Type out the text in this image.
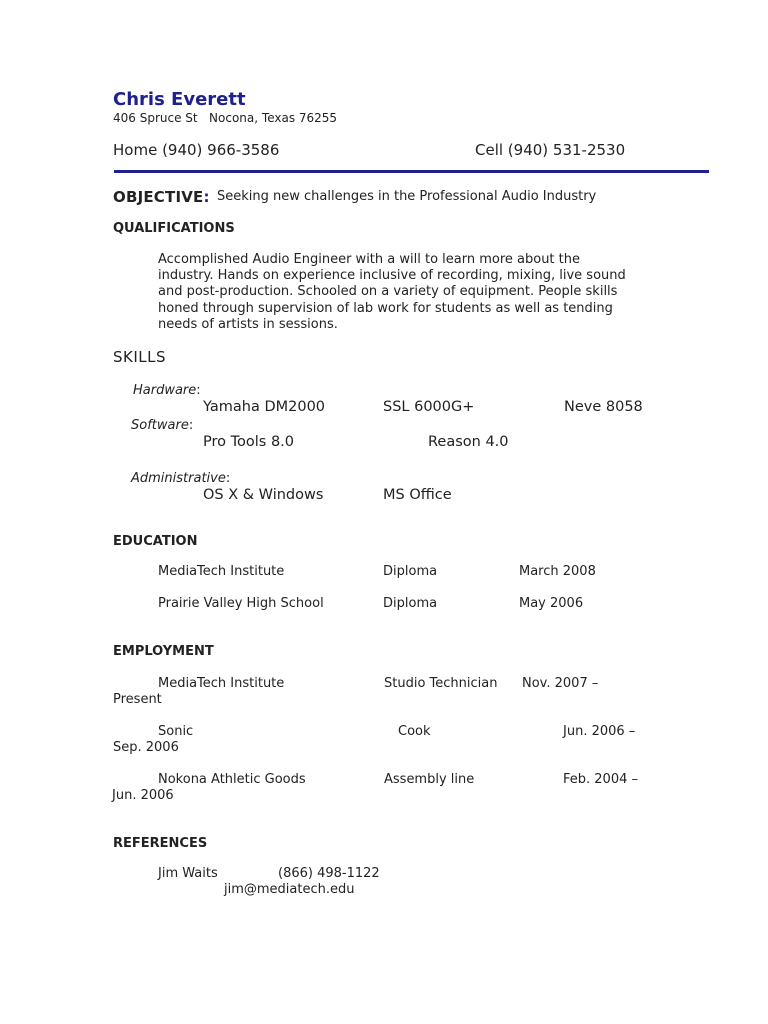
Chris Everett
406 Spruce St   Nocona, Texas 76255
Home (940) 966-3586	Cell (940) 531-2530
OBJECTIVE: Seeking new challenges in the Professional Audio Industry
QUALIFICATIONS
Accomplished Audio Engineer with a will to learn more about the
industry. Hands on experience inclusive of recording, mixing, live sound
and post-production. Schooled on a variety of equipment. People skills
honed through supervision of lab work for students as well as tending
needs of artists in sessions.
SKILLS
Hardware:
Yamaha DM2000	SSL 6000G+	Neve 8058
Software:
Pro Tools 8.0	Reason 4.0
Administrative:
OS X & Windows	MS Office
EDUCATION
MediaTech Institute	Diploma	March 2008
Prairie Valley High School	Diploma	May 2006
EMPLOYMENT
MediaTech Institute	Studio Technician Nov. 2007 –
Present
Sonic	Cook	Jun. 2006 –
Sep. 2006
Nokona Athletic Goods	Assembly line	Feb. 2004 –
Jun. 2006
REFERENCES
Jim Waits	(866) 498-1122
jim@mediatech.edu
